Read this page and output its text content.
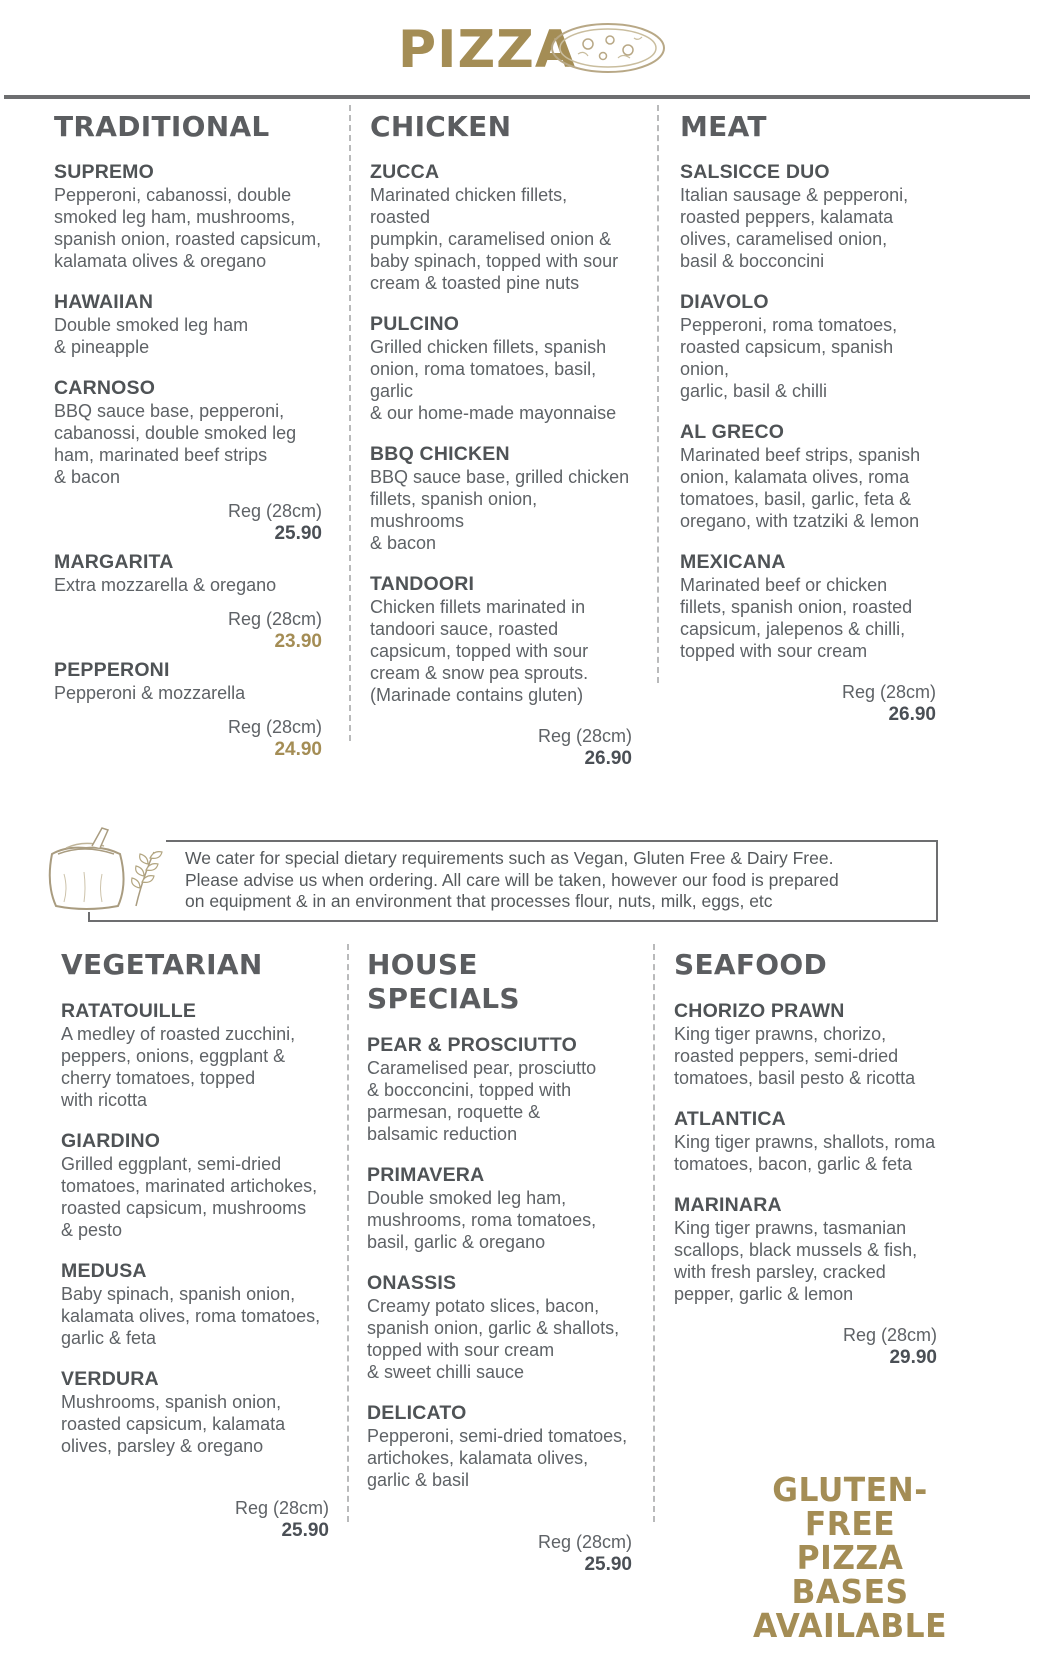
PIZZA
TRADITIONAL
SUPREMO
Pepperoni, cabanossi, double
smoked leg ham, mushrooms,
spanish onion, roasted capsicum,
kalamata olives & oregano
HAWAIIAN
Double smoked leg ham
& pineapple
CARNOSO
BBQ sauce base, pepperoni,
cabanossi, double smoked leg
ham, marinated beef strips
& bacon
Reg (28cm)
25.90
MARGARITA
Extra mozzarella & oregano
Reg (28cm)
23.90
PEPPERONI
Pepperoni & mozzarella
Reg (28cm)
24.90
CHICKEN
ZUCCA
Marinated chicken fillets, roasted
pumpkin, caramelised onion &
baby spinach, topped with sour
cream & toasted pine nuts
PULCINO
Grilled chicken fillets, spanish
onion, roma tomatoes, basil, garlic
& our home-made mayonnaise
BBQ CHICKEN
BBQ sauce base, grilled chicken
fillets, spanish onion, mushrooms
& bacon
TANDOORI
Chicken fillets marinated in
tandoori sauce, roasted
capsicum, topped with sour
cream & snow pea sprouts.
(Marinade contains gluten)
Reg (28cm)
26.90
MEAT
SALSICCE DUO
Italian sausage & pepperoni,
roasted peppers, kalamata
olives, caramelised onion,
basil & bocconcini
DIAVOLO
Pepperoni, roma tomatoes,
roasted capsicum, spanish onion,
garlic, basil & chilli
AL GRECO
Marinated beef strips, spanish
onion, kalamata olives, roma
tomatoes, basil, garlic, feta &
oregano, with tzatziki & lemon
MEXICANA
Marinated beef or chicken
fillets, spanish onion, roasted
capsicum, jalepenos & chilli,
topped with sour cream
Reg (28cm)
26.90

We cater for special dietary requirements such as Vegan, Gluten Free & Dairy Free.
Please advise us when ordering. All care will be taken, however our food is prepared
on equipment & in an environment that processes flour, nuts, milk, eggs, etc

VEGETARIAN
RATATOUILLE
A medley of roasted zucchini,
peppers, onions, eggplant &
cherry tomatoes, topped
with ricotta
GIARDINO
Grilled eggplant, semi-dried
tomatoes, marinated artichokes,
roasted capsicum, mushrooms
& pesto
MEDUSA
Baby spinach, spanish onion,
kalamata olives, roma tomatoes,
garlic & feta
VERDURA
Mushrooms, spanish onion,
roasted capsicum, kalamata
olives, parsley & oregano
Reg (28cm)
25.90
HOUSE SPECIALS
PEAR & PROSCIUTTO
Caramelised pear, prosciutto
& bocconcini, topped with
parmesan, roquette &
balsamic reduction
PRIMAVERA
Double smoked leg ham,
mushrooms, roma tomatoes,
basil, garlic & oregano
ONASSIS
Creamy potato slices, bacon,
spanish onion, garlic & shallots,
topped with sour cream
& sweet chilli sauce
DELICATO
Pepperoni, semi-dried tomatoes,
artichokes, kalamata olives,
garlic & basil
Reg (28cm)
25.90
SEAFOOD
CHORIZO PRAWN
King tiger prawns, chorizo,
roasted peppers, semi-dried
tomatoes, basil pesto & ricotta
ATLANTICA
King tiger prawns, shallots, roma
tomatoes, bacon, garlic & feta
MARINARA
King tiger prawns, tasmanian
scallops, black mussels & fish,
with fresh parsley, cracked
pepper, garlic & lemon
Reg (28cm)
29.90
GLUTEN-FREE
PIZZA BASES
AVAILABLE
